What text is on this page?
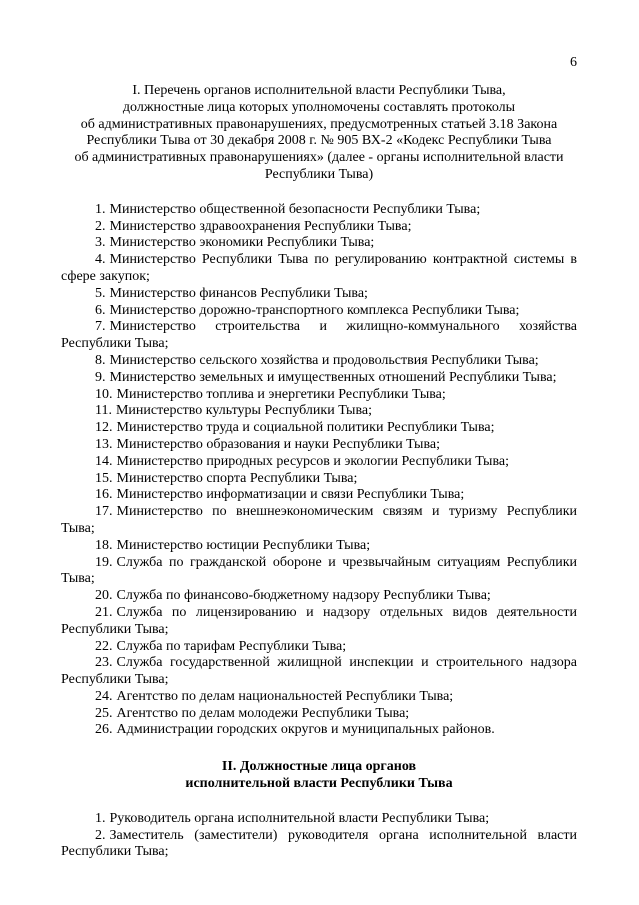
6
I. Перечень органов исполнительной власти Республики Тыва,
должностные лица которых уполномочены составлять протоколы
об административных правонарушениях, предусмотренных статьей 3.18 Закона
Республики Тыва от 30 декабря 2008 г. № 905 ВХ-2 «Кодекс Республики Тыва
об административных правонарушениях» (далее - органы исполнительной власти
Республики Тыва)
1. Министерство общественной безопасности Республики Тыва;
2. Министерство здравоохранения Республики Тыва;
3. Министерство экономики Республики Тыва;
4. Министерство Республики Тыва по регулированию контрактной системы в сфере закупок;
5. Министерство финансов Республики Тыва;
6. Министерство дорожно-транспортного комплекса Республики Тыва;
7. Министерство строительства и жилищно-коммунального хозяйства Республики Тыва;
8. Министерство сельского хозяйства и продовольствия Республики Тыва;
9. Министерство земельных и имущественных отношений Республики Тыва;
10. Министерство топлива и энергетики Республики Тыва;
11. Министерство культуры Республики Тыва;
12. Министерство труда и социальной политики Республики Тыва;
13. Министерство образования и науки Республики Тыва;
14. Министерство природных ресурсов и экологии Республики Тыва;
15. Министерство спорта Республики Тыва;
16. Министерство информатизации и связи Республики Тыва;
17. Министерство по внешнеэкономическим связям и туризму Республики Тыва;
18. Министерство юстиции Республики Тыва;
19. Служба по гражданской обороне и чрезвычайным ситуациям Республики Тыва;
20. Служба по финансово-бюджетному надзору Республики Тыва;
21. Служба по лицензированию и надзору отдельных видов деятельности Республики Тыва;
22. Служба по тарифам Республики Тыва;
23. Служба государственной жилищной инспекции и строительного надзора Республики Тыва;
24. Агентство по делам национальностей Республики Тыва;
25. Агентство по делам молодежи Республики Тыва;
26. Администрации городских округов и муниципальных районов.
II. Должностные лица органов
исполнительной власти Республики Тыва
1. Руководитель органа исполнительной власти Республики Тыва;
2. Заместитель (заместители) руководителя органа исполнительной власти Республики Тыва;
